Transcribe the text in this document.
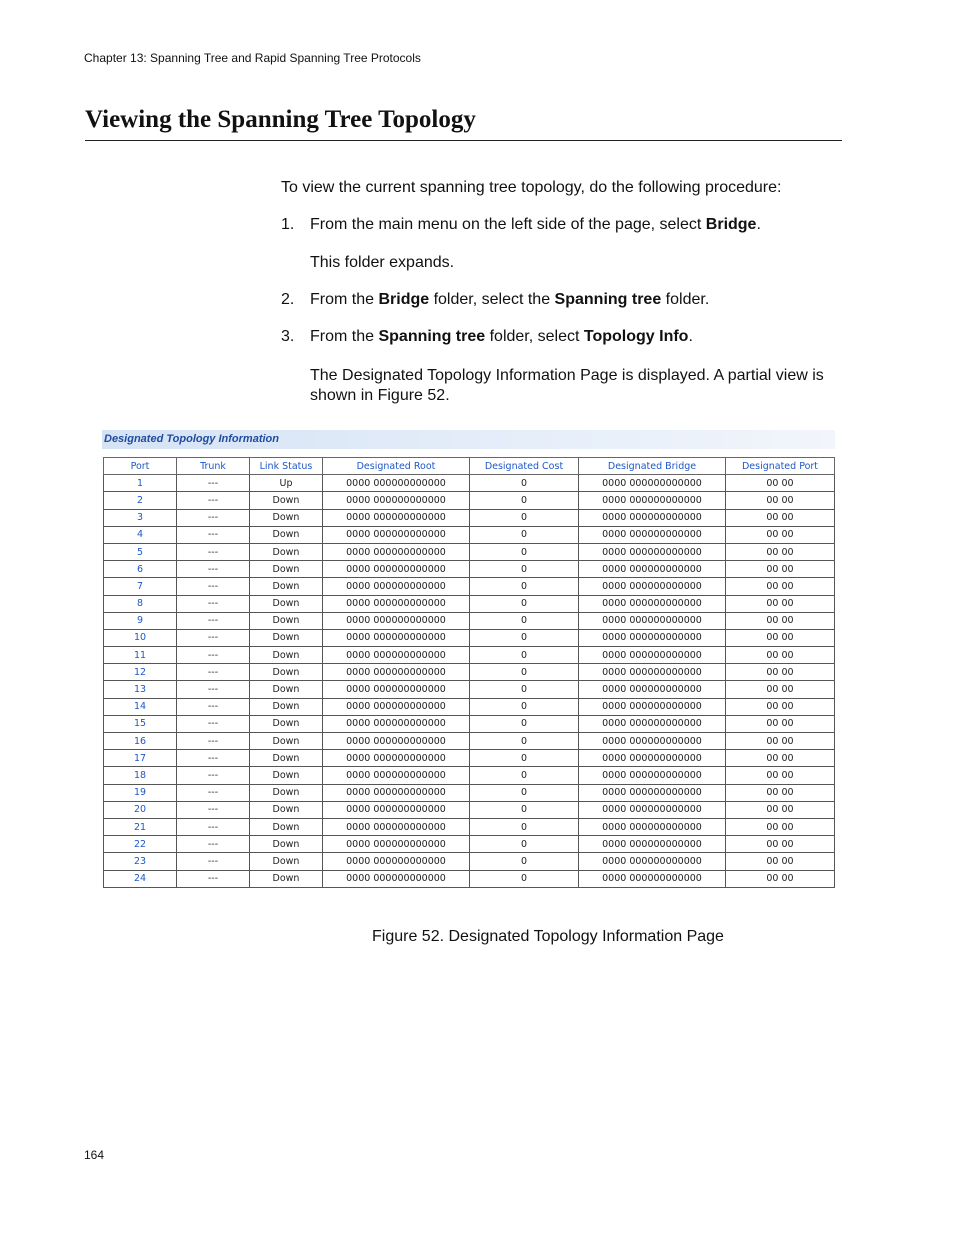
Chapter 13: Spanning Tree and Rapid Spanning Tree Protocols
Viewing the Spanning Tree Topology

To view the current spanning tree topology, do the following procedure:

1. From the main menu on the left side of the page, select Bridge.

This folder expands.

2. From the Bridge folder, select the Spanning tree folder.
3. From the Spanning tree folder, select Topology Info.

The Designated Topology Information Page is displayed. A partial view is shown in Figure 52.

Designated Topology Information
Port	Trunk	Link Status	Designated Root	Designated Cost	Designated Bridge	Designated Port
1	---	Up	0000 000000000000	0	0000 000000000000	00 00
2	---	Down	0000 000000000000	0	0000 000000000000	00 00
3	---	Down	0000 000000000000	0	0000 000000000000	00 00
4	---	Down	0000 000000000000	0	0000 000000000000	00 00
5	---	Down	0000 000000000000	0	0000 000000000000	00 00
6	---	Down	0000 000000000000	0	0000 000000000000	00 00
7	---	Down	0000 000000000000	0	0000 000000000000	00 00
8	---	Down	0000 000000000000	0	0000 000000000000	00 00
9	---	Down	0000 000000000000	0	0000 000000000000	00 00
10	---	Down	0000 000000000000	0	0000 000000000000	00 00
11	---	Down	0000 000000000000	0	0000 000000000000	00 00
12	---	Down	0000 000000000000	0	0000 000000000000	00 00
13	---	Down	0000 000000000000	0	0000 000000000000	00 00
14	---	Down	0000 000000000000	0	0000 000000000000	00 00
15	---	Down	0000 000000000000	0	0000 000000000000	00 00
16	---	Down	0000 000000000000	0	0000 000000000000	00 00
17	---	Down	0000 000000000000	0	0000 000000000000	00 00
18	---	Down	0000 000000000000	0	0000 000000000000	00 00
19	---	Down	0000 000000000000	0	0000 000000000000	00 00
20	---	Down	0000 000000000000	0	0000 000000000000	00 00
21	---	Down	0000 000000000000	0	0000 000000000000	00 00
22	---	Down	0000 000000000000	0	0000 000000000000	00 00
23	---	Down	0000 000000000000	0	0000 000000000000	00 00
24	---	Down	0000 000000000000	0	0000 000000000000	00 00
Figure 52. Designated Topology Information Page
164
